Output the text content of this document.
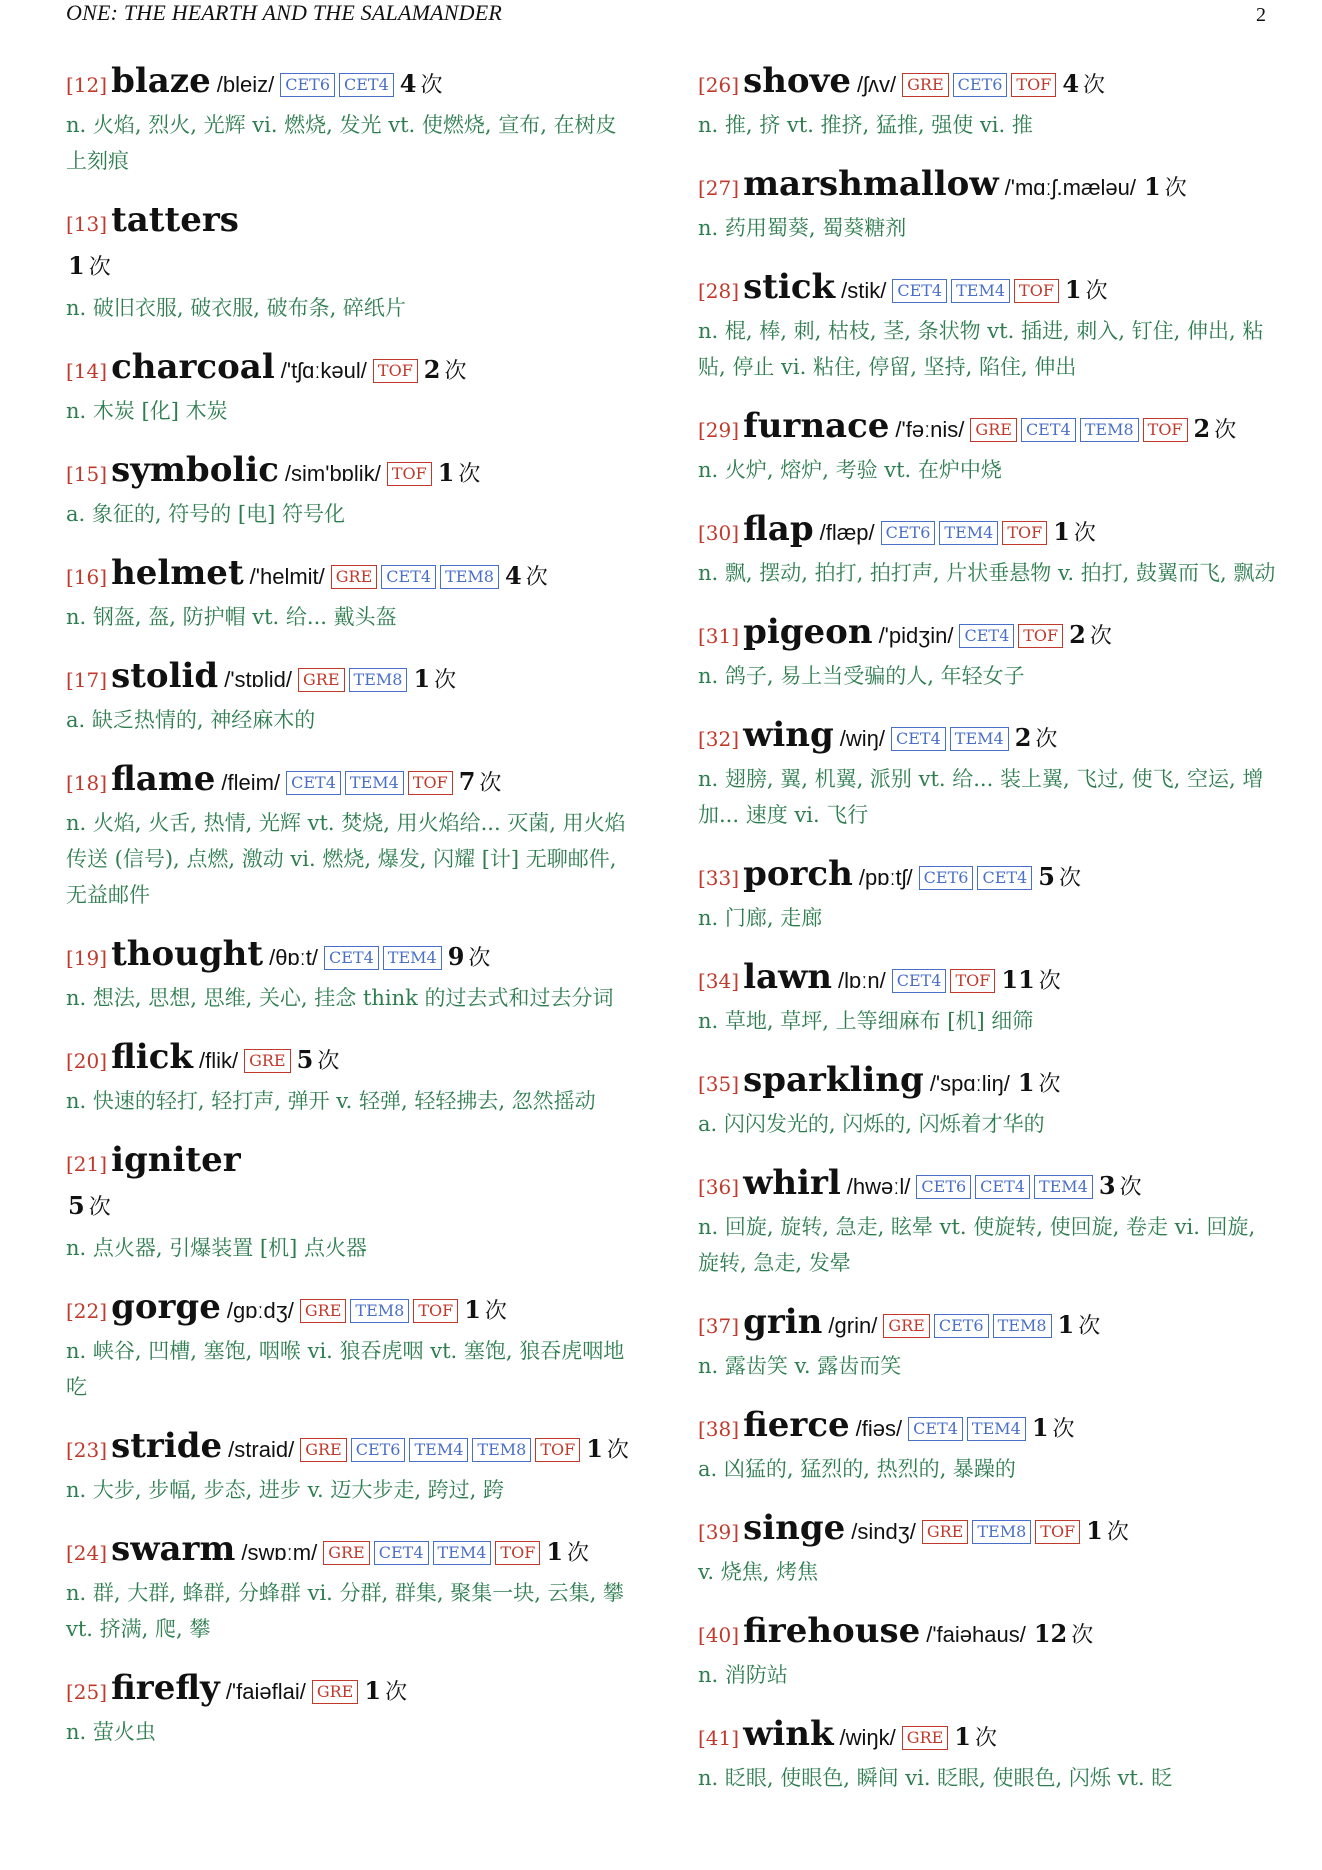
ONE: THE HEARTH AND THE SALAMANDER	2
[12] blaze /bleiz/ CET6 CET4 4 次
n. 火焰, 烈火, 光辉 vi. 燃烧, 发光 vt. 使燃烧, 宣布, 在树皮上刻痕
[13] tatters
1 次
n. 破旧衣服, 破衣服, 破布条, 碎纸片
[14] charcoal /'tʃɑːkəul/ TOF 2 次
n. 木炭 [化] 木炭
[15] symbolic /sim'bɒlik/ TOF 1 次
a. 象征的, 符号的 [电] 符号化
[16] helmet /'helmit/ GRE CET4 TEM8 4 次
n. 钢盔, 盔, 防护帽 vt. 给... 戴头盔
[17] stolid /'stɒlid/ GRE TEM8 1 次
a. 缺乏热情的, 神经麻木的
[18] flame /fleim/ CET4 TEM4 TOF 7 次
n. 火焰, 火舌, 热情, 光辉 vt. 焚烧, 用火焰给... 灭菌, 用火焰传送 (信号), 点燃, 激动 vi. 燃烧, 爆发, 闪耀 [计] 无聊邮件, 无益邮件
[19] thought /θɒːt/ CET4 TEM4 9 次
n. 想法, 思想, 思维, 关心, 挂念 think 的过去式和过去分词
[20] flick /flik/ GRE 5 次
n. 快速的轻打, 轻打声, 弹开 v. 轻弹, 轻轻拂去, 忽然摇动
[21] igniter
5 次
n. 点火器, 引爆装置 [机] 点火器
[22] gorge /gɒːdʒ/ GRE TEM8 TOF 1 次
n. 峡谷, 凹槽, 塞饱, 咽喉 vi. 狼吞虎咽 vt. 塞饱, 狼吞虎咽地吃
[23] stride /straid/ GRE CET6 TEM4 TEM8 TOF 1 次
n. 大步, 步幅, 步态, 进步 v. 迈大步走, 跨过, 跨
[24] swarm /swɒːm/ GRE CET4 TEM4 TOF 1 次
n. 群, 大群, 蜂群, 分蜂群 vi. 分群, 群集, 聚集一块, 云集, 攀 vt. 挤满, 爬, 攀
[25] firefly /'faiəflai/ GRE 1 次
n. 萤火虫
[26] shove /ʃʌv/ GRE CET6 TOF 4 次
n. 推, 挤 vt. 推挤, 猛推, 强使 vi. 推
[27] marshmallow /'mɑːʃ.mæləu/ 1 次
n. 药用蜀葵, 蜀葵糖剂
[28] stick /stik/ CET4 TEM4 TOF 1 次
n. 棍, 棒, 刺, 枯枝, 茎, 条状物 vt. 插进, 刺入, 钉住, 伸出, 粘贴, 停止 vi. 粘住, 停留, 坚持, 陷住, 伸出
[29] furnace /'fəːnis/ GRE CET4 TEM8 TOF 2 次
n. 火炉, 熔炉, 考验 vt. 在炉中烧
[30] flap /flæp/ CET6 TEM4 TOF 1 次
n. 飘, 摆动, 拍打, 拍打声, 片状垂悬物 v. 拍打, 鼓翼而飞, 飘动
[31] pigeon /'pidʒin/ CET4 TOF 2 次
n. 鸽子, 易上当受骗的人, 年轻女子
[32] wing /wiŋ/ CET4 TEM4 2 次
n. 翅膀, 翼, 机翼, 派别 vt. 给... 装上翼, 飞过, 使飞, 空运, 增加... 速度 vi. 飞行
[33] porch /pɒːtʃ/ CET6 CET4 5 次
n. 门廊, 走廊
[34] lawn /lɒːn/ CET4 TOF 11 次
n. 草地, 草坪, 上等细麻布 [机] 细筛
[35] sparkling /'spɑːliŋ/ 1 次
a. 闪闪发光的, 闪烁的, 闪烁着才华的
[36] whirl /hwəːl/ CET6 CET4 TEM4 3 次
n. 回旋, 旋转, 急走, 眩晕 vt. 使旋转, 使回旋, 卷走 vi. 回旋, 旋转, 急走, 发晕
[37] grin /grin/ GRE CET6 TEM8 1 次
n. 露齿笑 v. 露齿而笑
[38] fierce /fiəs/ CET4 TEM4 1 次
a. 凶猛的, 猛烈的, 热烈的, 暴躁的
[39] singe /sindʒ/ GRE TEM8 TOF 1 次
v. 烧焦, 烤焦
[40] firehouse /'faiəhaus/ 12 次
n. 消防站
[41] wink /wiŋk/ GRE 1 次
n. 眨眼, 使眼色, 瞬间 vi. 眨眼, 使眼色, 闪烁 vt. 眨
